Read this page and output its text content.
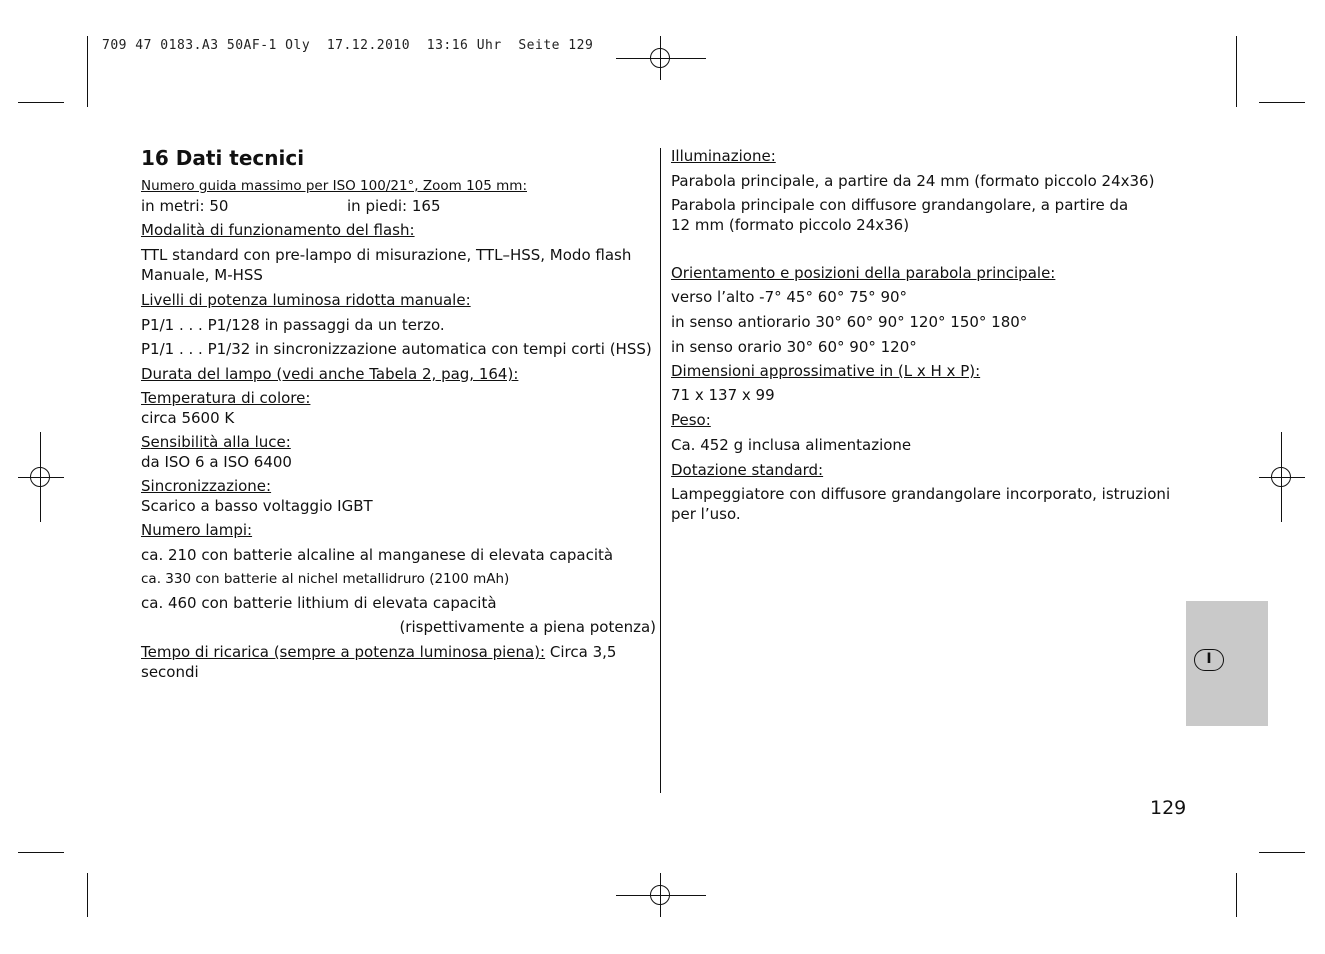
709 47 0183.A3 50AF-1 Oly  17.12.2010  13:16 Uhr  Seite 129
16 Dati tecnici
Numero guida massimo per ISO 100/21°, Zoom 105 mm:
in metri: 50	in piedi: 165
Modalità di funzionamento del flash:
TTL standard con pre-lampo di misurazione, TTL–HSS, Modo flash Manuale, M-HSS
Livelli di potenza luminosa ridotta manuale:
P1/1 . . . P1/128 in passaggi da un terzo.
P1/1 . . . P1/32 in sincronizzazione automatica con tempi corti (HSS)
Durata del lampo (vedi anche Tabela 2, pag, 164):
Temperatura di colore:
circa 5600 K
Sensibilità alla luce:
da ISO 6 a ISO 6400
Sincronizzazione:
Scarico a basso voltaggio IGBT
Numero lampi:
ca. 210 con batterie alcaline al manganese di elevata capacità
ca. 330 con batterie al nichel metallidruro (2100 mAh)
ca. 460 con batterie lithium di elevata capacità
(rispettivamente a piena potenza)
Tempo di ricarica (sempre a potenza luminosa piena): Circa 3,5 secondi
Illuminazione:
Parabola principale, a partire da 24 mm (formato piccolo 24x36)
Parabola principale con diffusore grandangolare, a partire da 12 mm (formato piccolo 24x36)
Orientamento e posizioni della parabola principale:
verso l’alto -7° 45° 60° 75° 90°
in senso antiorario 30° 60° 90° 120° 150° 180°
in senso orario 30° 60° 90° 120°
Dimensioni approssimative in (L x H x P):
71 x 137 x 99
Peso:
Ca. 452 g inclusa alimentazione
Dotazione standard:
Lampeggiatore con diffusore grandangolare incorporato, istruzioni per l’uso.
I
129
